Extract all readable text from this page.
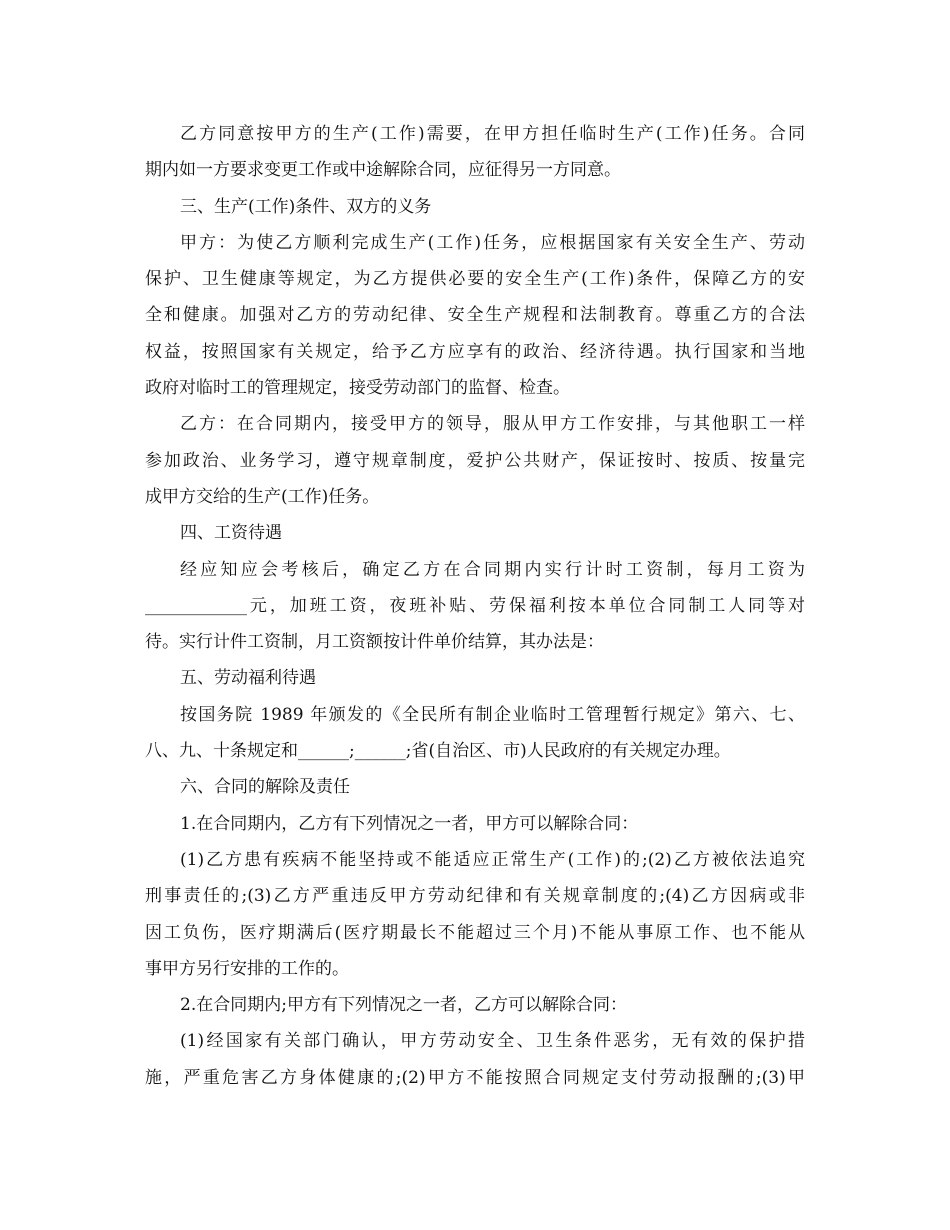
乙方同意按甲方的生产(工作)需要，在甲方担任临时生产(工作)任务。合同
期内如一方要求变更工作或中途解除合同，应征得另一方同意。
三、生产(工作)条件、双方的义务
甲方：为使乙方顺利完成生产(工作)任务，应根据国家有关安全生产、劳动
保护、卫生健康等规定，为乙方提供必要的安全生产(工作)条件，保障乙方的安
全和健康。加强对乙方的劳动纪律、安全生产规程和法制教育。尊重乙方的合法
权益，按照国家有关规定，给予乙方应享有的政治、经济待遇。执行国家和当地
政府对临时工的管理规定，接受劳动部门的监督、检查。
乙方：在合同期内，接受甲方的领导，服从甲方工作安排，与其他职工一样
参加政治、业务学习，遵守规章制度，爱护公共财产，保证按时、按质、按量完
成甲方交给的生产(工作)任务。
四、工资待遇
经应知应会考核后，确定乙方在合同期内实行计时工资制，每月工资为
____________元，加班工资，夜班补贴、劳保福利按本单位合同制工人同等对
待。实行计件工资制，月工资额按计件单价结算，其办法是：
五、劳动福利待遇
按国务院 1989 年颁发的《全民所有制企业临时工管理暂行规定》第六、七、
八、九、十条规定和______;______;省(自治区、市)人民政府的有关规定办理。
六、合同的解除及责任
1.在合同期内，乙方有下列情况之一者，甲方可以解除合同：
(1)乙方患有疾病不能坚持或不能适应正常生产(工作)的;(2)乙方被依法追究
刑事责任的;(3)乙方严重违反甲方劳动纪律和有关规章制度的;(4)乙方因病或非
因工负伤，医疗期满后(医疗期最长不能超过三个月)不能从事原工作、也不能从
事甲方另行安排的工作的。
2.在合同期内;甲方有下列情况之一者，乙方可以解除合同：
(1)经国家有关部门确认，甲方劳动安全、卫生条件恶劣，无有效的保护措
施，严重危害乙方身体健康的;(2)甲方不能按照合同规定支付劳动报酬的;(3)甲
